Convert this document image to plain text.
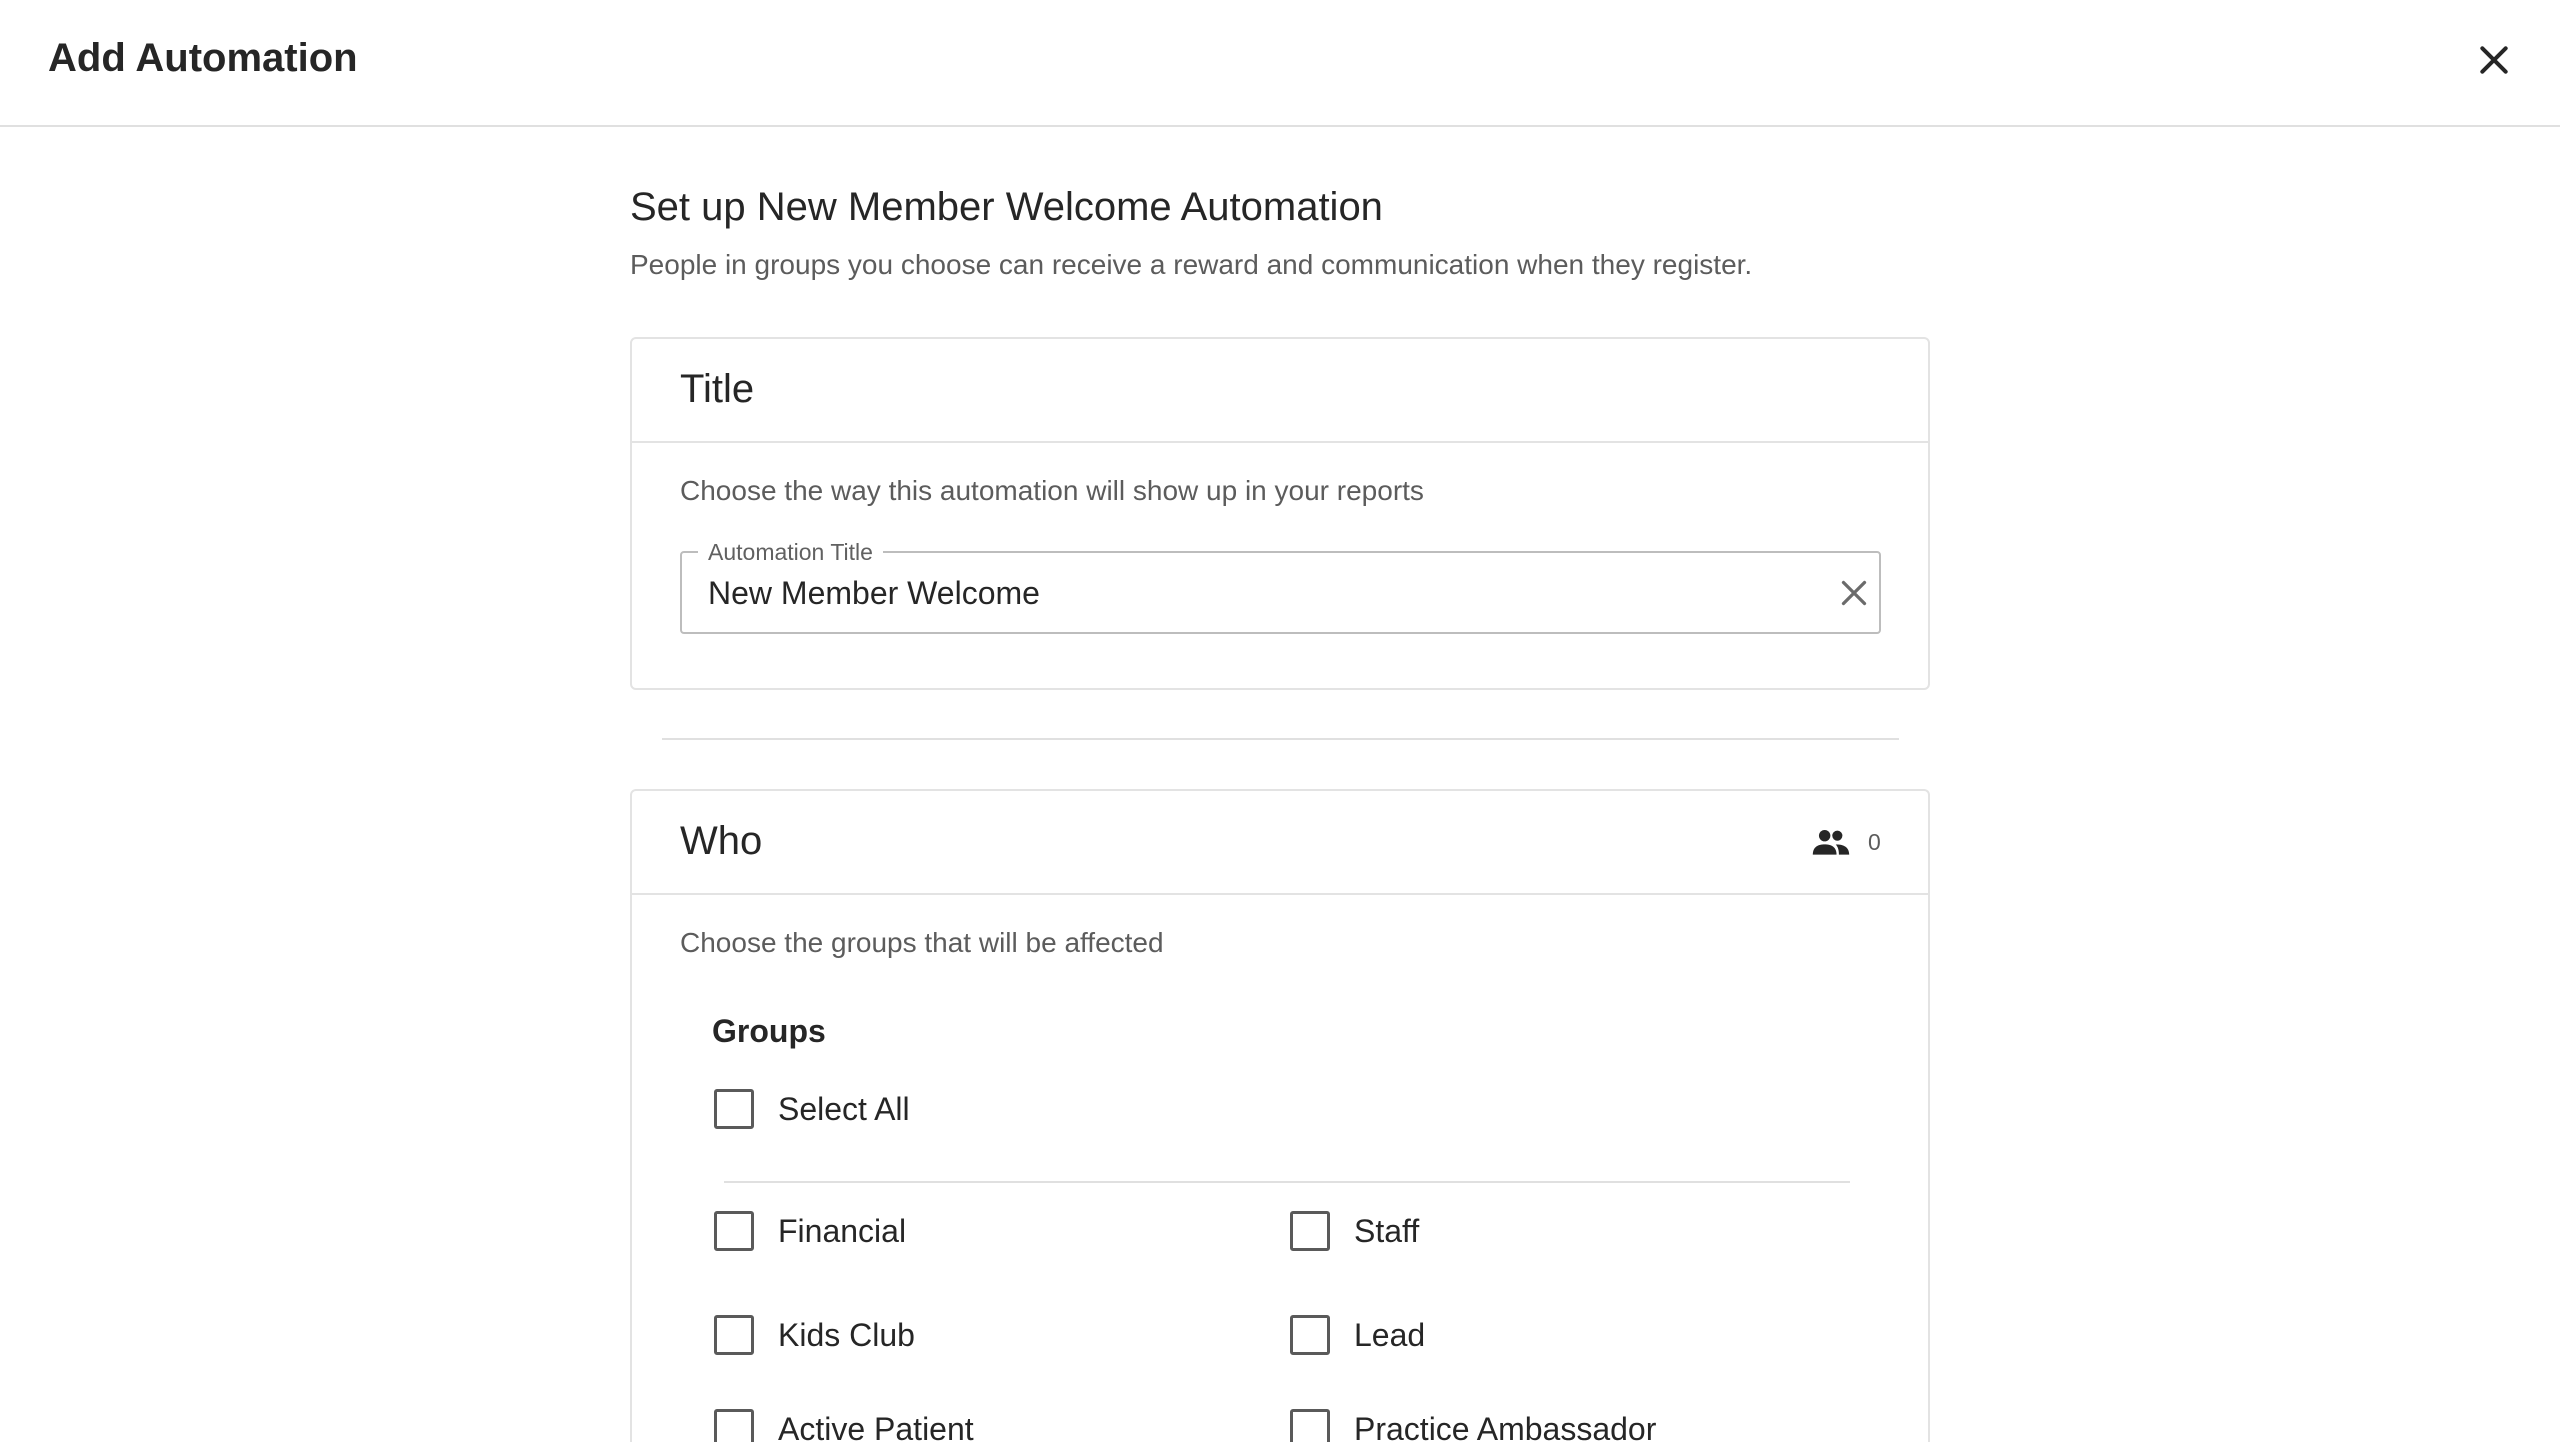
Add Automation
Set up New Member Welcome Automation
People in groups you choose can receive a reward and communication when they register.
Title
Choose the way this automation will show up in your reports
Automation Title
New Member Welcome
Who	0
Choose the groups that will be affected
Groups
Select All
Financial	Staff
Kids Club	Lead
Active Patient	Practice Ambassador
